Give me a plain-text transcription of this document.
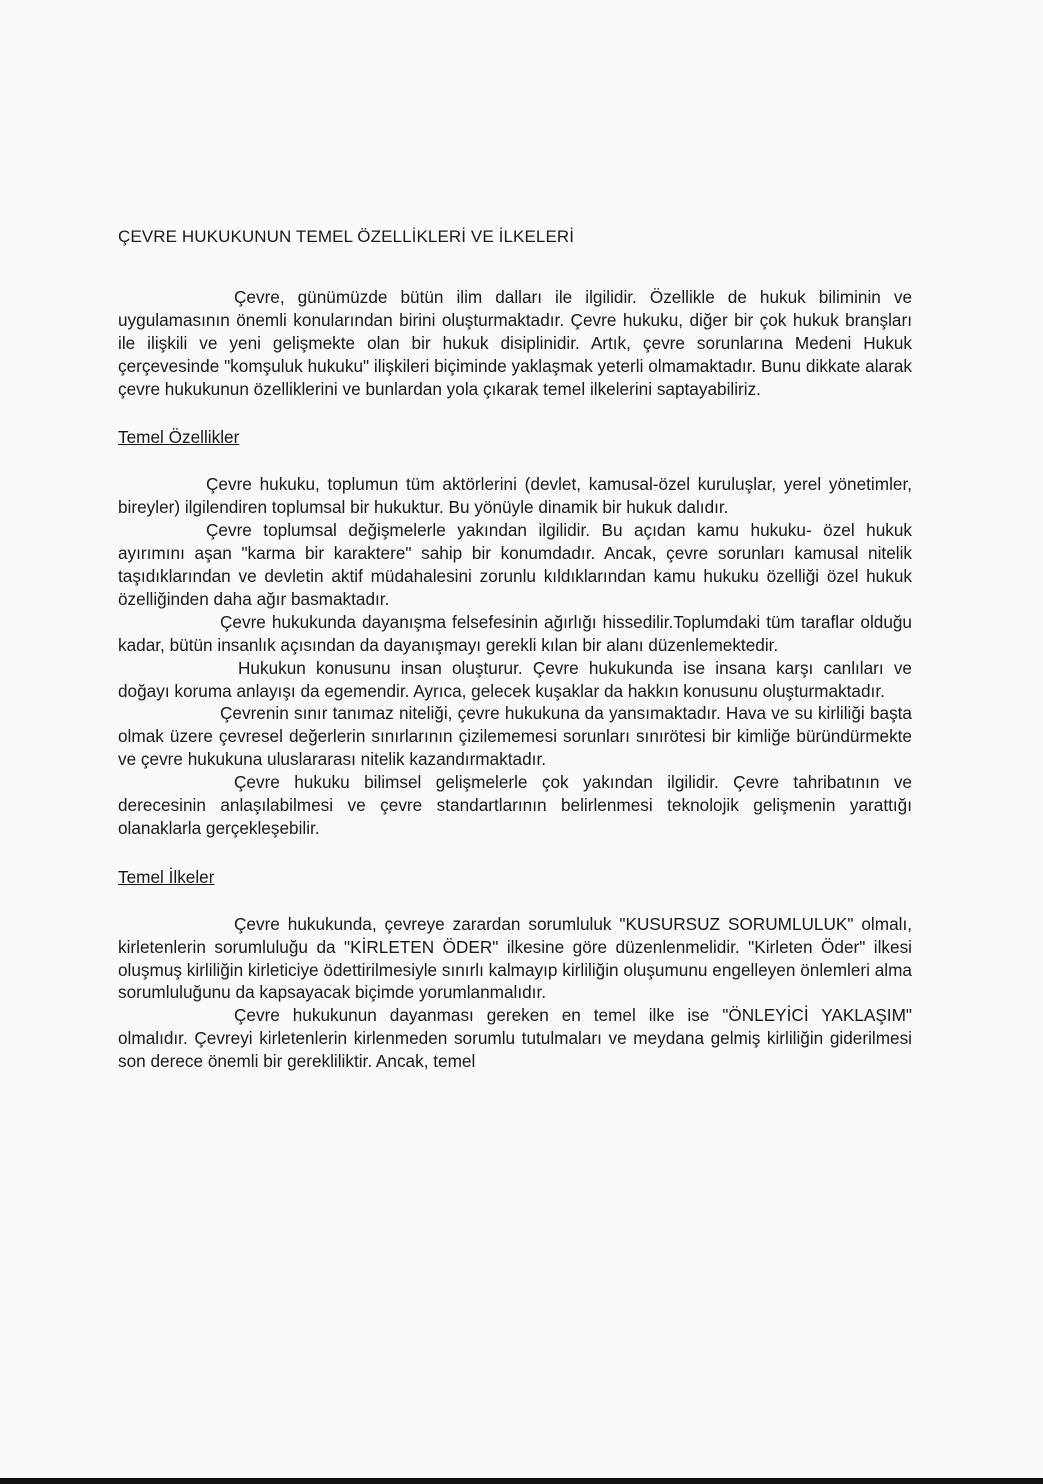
ÇEVRE HUKUKUNUN TEMEL ÖZELLİKLERİ VE İLKELERİ

Çevre, günümüzde bütün ilim dalları ile ilgilidir. Özellikle de hukuk biliminin ve uygulamasının önemli konularından birini oluşturmaktadır. Çevre hukuku, diğer bir çok hukuk branşları ile ilişkili ve yeni gelişmekte olan bir hukuk disiplinidir. Artık, çevre sorunlarına Medeni Hukuk çerçevesinde "komşuluk hukuku" ilişkileri biçiminde yaklaşmak yeterli olmamaktadır. Bunu dikkate alarak çevre hukukunun özelliklerini ve bunlardan yola çıkarak temel ilkelerini saptayabiliriz.

Temel Özellikler

Çevre hukuku, toplumun tüm aktörlerini (devlet, kamusal-özel kuruluşlar, yerel yönetimler, bireyler) ilgilendiren toplumsal bir hukuktur. Bu yönüyle dinamik bir hukuk dalıdır.

Çevre toplumsal değişmelerle yakından ilgilidir. Bu açıdan kamu hukuku- özel hukuk ayırımını aşan "karma bir karaktere" sahip bir konumdadır. Ancak, çevre sorunları kamusal nitelik taşıdıklarından ve devletin aktif müdahalesini zorunlu kıldıklarından kamu hukuku özelliği özel hukuk özelliğinden daha ağır basmaktadır.

Çevre hukukunda dayanışma felsefesinin ağırlığı hissedilir.Toplumdaki tüm taraflar olduğu kadar, bütün insanlık açısından da dayanışmayı gerekli kılan bir alanı düzenlemektedir.

Hukukun konusunu insan oluşturur. Çevre hukukunda ise insana karşı canlıları ve doğayı koruma anlayışı da egemendir. Ayrıca, gelecek kuşaklar da hakkın konusunu oluşturmaktadır.

Çevrenin sınır tanımaz niteliği, çevre hukukuna da yansımaktadır. Hava ve su kirliliği başta olmak üzere çevresel değerlerin sınırlarının çizilememesi sorunları sınırötesi bir kimliğe büründürmekte ve çevre hukukuna uluslararası nitelik kazandırmaktadır.

Çevre hukuku bilimsel gelişmelerle çok yakından ilgilidir. Çevre tahribatının ve derecesinin anlaşılabilmesi ve çevre standartlarının belirlenmesi teknolojik gelişmenin yarattığı olanaklarla gerçekleşebilir.

Temel İlkeler

Çevre hukukunda, çevreye zarardan sorumluluk "KUSURSUZ SORUMLULUK" olmalı, kirletenlerin sorumluluğu da "KİRLETEN ÖDER" ilkesine göre düzenlenmelidir. "Kirleten Öder" ilkesi oluşmuş kirliliğin kirleticiye ödettirilmesiyle sınırlı kalmayıp kirliliğin oluşumunu engelleyen önlemleri alma sorumluluğunu da kapsayacak biçimde yorumlanmalıdır.

Çevre hukukunun dayanması gereken en temel ilke ise "ÖNLEYİCİ YAKLAŞIM" olmalıdır. Çevreyi kirletenlerin kirlenmeden sorumlu tutulmaları ve meydana gelmiş kirliliğin giderilmesi son derece önemli bir gerekliliktir. Ancak, temel
